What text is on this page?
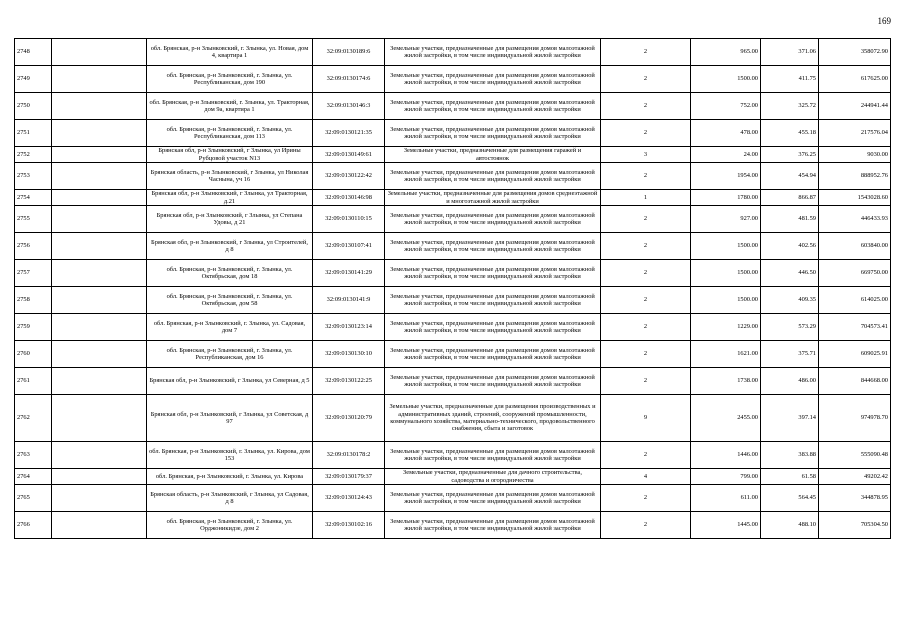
169
2748		обл. Брянская, р-н Злынковский, г. Злынка, ул. Новая, дом 4, квартира 1	32:09:0130189:6	Земельные участки, предназначенные для размещения домов малоэтажной жилой застройки, в том числе индивидуальной жилой застройки	2	965.00	371.06	358072.90
2749		обл. Брянская, р-н Злынковский, г. Злынка, ул. Республиканская, дом 190	32:09:0130174:6	Земельные участки, предназначенные для размещения домов малоэтажной жилой застройки, в том числе индивидуальной жилой застройки	2	1500.00	411.75	617625.00
2750		обл. Брянская, р-н Злынковский, г. Злынка, ул. Тракторная, дом 9а, квартира 1	32:09:0130146:3	Земельные участки, предназначенные для размещения домов малоэтажной жилой застройки, в том числе индивидуальной жилой застройки	2	752.00	325.72	244941.44
2751		обл. Брянская, р-н Злынковский, г. Злынка, ул. Республиканская, дом 113	32:09:0130121:35	Земельные участки, предназначенные для размещения домов малоэтажной жилой застройки, в том числе индивидуальной жилой застройки	2	478.00	455.18	217576.04
2752		Брянская обл, р-н Злынковский, г Злынка, ул Ирины Рубцовой участок N13	32:09:0130149:61	Земельные участки, предназначенные для размещения гаражей и автостоянок	3	24.00	376.25	9030.00
2753		Брянская область, р-н Злынковский, г Злынка, ул Николая Часнына, уч 16	32:09:0130122:42	Земельные участки, предназначенные для размещения домов малоэтажной жилой застройки, в том числе индивидуальной жилой застройки	2	1954.00	454.94	888952.76
2754		Брянская обл, р-н Злынковский, г Злынка, ул Тракторная, д.21	32:09:0130146:98	Земельные участки, предназначенные для размещения домов среднеэтажной и многоэтажной жилой застройки	1	1780.00	866.87	1543028.60
2755		Брянская обл, р-н Злынковский, г Злынка, ул Степана Удовы, д 21	32:09:0130110:15	Земельные участки, предназначенные для размещения домов малоэтажной жилой застройки, в том числе индивидуальной жилой застройки	2	927.00	481.59	446433.93
2756		Брянская обл, р-н Злынковский, г Злынка, ул Строителей, д 8	32:09:0130107:41	Земельные участки, предназначенные для размещения домов малоэтажной жилой застройки, в том числе индивидуальной жилой застройки	2	1500.00	402.56	603840.00
2757		обл. Брянская, р-н Злынковский, г. Злынка, ул. Октябрьская, дом 18	32:09:0130141:29	Земельные участки, предназначенные для размещения домов малоэтажной жилой застройки, в том числе индивидуальной жилой застройки	2	1500.00	446.50	669750.00
2758		обл. Брянская, р-н Злынковский, г. Злынка, ул. Октябрьская, дом 58	32:09:0130141:9	Земельные участки, предназначенные для размещения домов малоэтажной жилой застройки, в том числе индивидуальной жилой застройки	2	1500.00	409.35	614025.00
2759		обл. Брянская, р-н Злынковский, г. Злынка, ул. Садовая, дом 7	32:09:0130123:14	Земельные участки, предназначенные для размещения домов малоэтажной жилой застройки, в том числе индивидуальной жилой застройки	2	1229.00	573.29	704573.41
2760		обл. Брянская, р-н Злынковский, г. Злынка, ул. Республиканская, дом 16	32:09:0130130:10	Земельные участки, предназначенные для размещения домов малоэтажной жилой застройки, в том числе индивидуальной жилой застройки	2	1621.00	375.71	609025.91
2761		Брянская обл, р-н Злынковский, г Злынка, ул Северная, д 5	32:09:0130122:25	Земельные участки, предназначенные для размещения домов малоэтажной жилой застройки, в том числе индивидуальной жилой застройки	2	1738.00	486.00	844668.00
2762		Брянская обл, р-н Злынковский, г Злынка, ул Советская, д 97	32:09:0130120:79	Земельные участки, предназначенные для размещения производственных и административных зданий, строений, сооружений промышленности, коммунального хозяйства, материально-технического, продовольственного снабжения, сбыта и заготовок	9	2455.00	397.14	974978.70
2763		обл. Брянская, р-н Злынковский, г. Злынка, ул. Кирова, дом 153	32:09:0130178:2	Земельные участки, предназначенные для размещения домов малоэтажной жилой застройки, в том числе индивидуальной жилой застройки	2	1446.00	383.88	555090.48
2764		обл. Брянская, р-н Злынковский, г. Злынка, ул. Кирова	32:09:0130179:37	Земельные участки, предназначенные для дачного строительства, садоводства и огородничества	4	799.00	61.58	49202.42
2765		Брянская область, р-н Злынковский, г Злынка, ул Садовая, д 8	32:09:0130124:43	Земельные участки, предназначенные для размещения домов малоэтажной жилой застройки, в том числе индивидуальной жилой застройки	2	611.00	564.45	344878.95
2766		обл. Брянская, р-н Злынковский, г. Злынка, ул. Орджоникидзе, дом 2	32:09:0130102:16	Земельные участки, предназначенные для размещения домов малоэтажной жилой застройки, в том числе индивидуальной жилой застройки	2	1445.00	488.10	705304.50
